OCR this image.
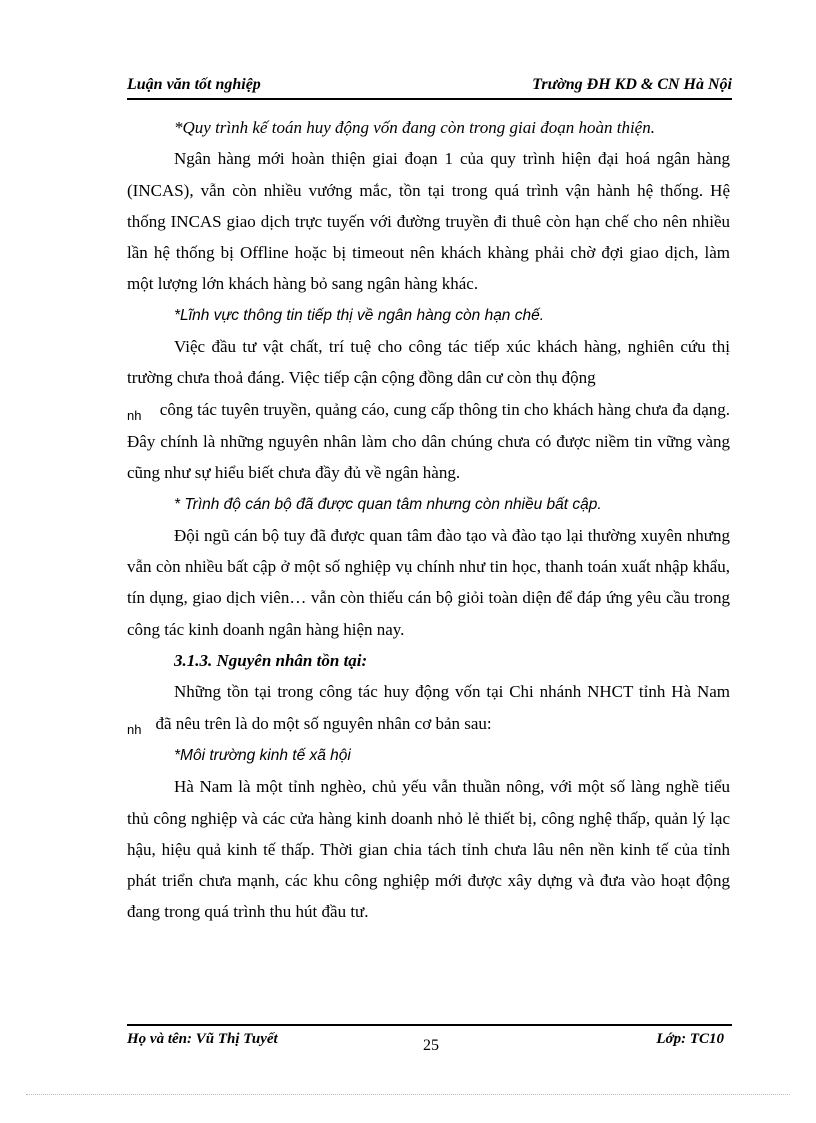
Luận văn tốt nghiệp	Trường ĐH KD & CN Hà Nội

*Quy trình kế toán huy động vốn đang còn trong giai đoạn hoàn thiện.

Ngân hàng mới hoàn thiện giai đoạn 1 của quy trình hiện đại hoá ngân hàng (INCAS), vẫn còn nhiều vướng mắc, tồn tại trong quá trình vận hành hệ thống. Hệ thống INCAS giao dịch trực tuyến với đường truyền đi thuê còn hạn chế cho nên nhiều lần hệ thống bị Offline hoặc bị timeout nên khách khàng phải chờ đợi giao dịch, làm một lượng lớn khách hàng bỏ sang ngân hàng khác.

*Lĩnh vực thông tin tiếp thị về ngân hàng còn hạn chế.

Việc đầu tư vật chất, trí tuệ cho công tác tiếp xúc khách hàng, nghiên cứu thị trường chưa thoả đáng. Việc tiếp cận cộng đồng dân cư còn thụ động
$_{nh}$ công tác tuyên truyền, quảng cáo, cung cấp thông tin cho khách hàng chưa đa dạng. Đây chính là những nguyên nhân làm cho dân chúng chưa có được niềm tin vững vàng cũng như sự hiểu biết chưa đầy đủ về ngân hàng.

* Trình độ cán bộ đã được quan tâm nhưng còn nhiều bất cập.

Đội ngũ cán bộ tuy đã được quan tâm đào tạo và đào tạo lại thường xuyên nhưng vẫn còn nhiều bất cập ở một số nghiệp vụ chính như tin học, thanh toán xuất nhập khẩu, tín dụng, giao dịch viên… vẫn còn thiếu cán bộ giỏi toàn diện để đáp ứng yêu cầu trong công tác kinh doanh ngân hàng hiện nay.

3.1.3. Nguyên nhân tồn tại:

Những tồn tại trong công tác huy động vốn tại Chi nhánh NHCT tỉnh Hà Nam $_{nh}$ đã nêu trên là do một số nguyên nhân cơ bản sau:

*Môi trường kinh tế xã hội

Hà Nam là một tỉnh nghèo, chủ yếu vẫn thuần nông, với một số làng nghề tiểu thủ công nghiệp và các cửa hàng kinh doanh nhỏ lẻ thiết bị, công nghệ thấp, quản lý lạc hậu, hiệu quả kinh tế thấp. Thời gian chia tách tỉnh chưa lâu nên nền kinh tế của tỉnh phát triển chưa mạnh, các khu công nghiệp mới được xây dựng và đưa vào hoạt động đang trong quá trình thu hút đầu tư.

Họ và tên: Vũ Thị Tuyết	25	Lớp: TC10
